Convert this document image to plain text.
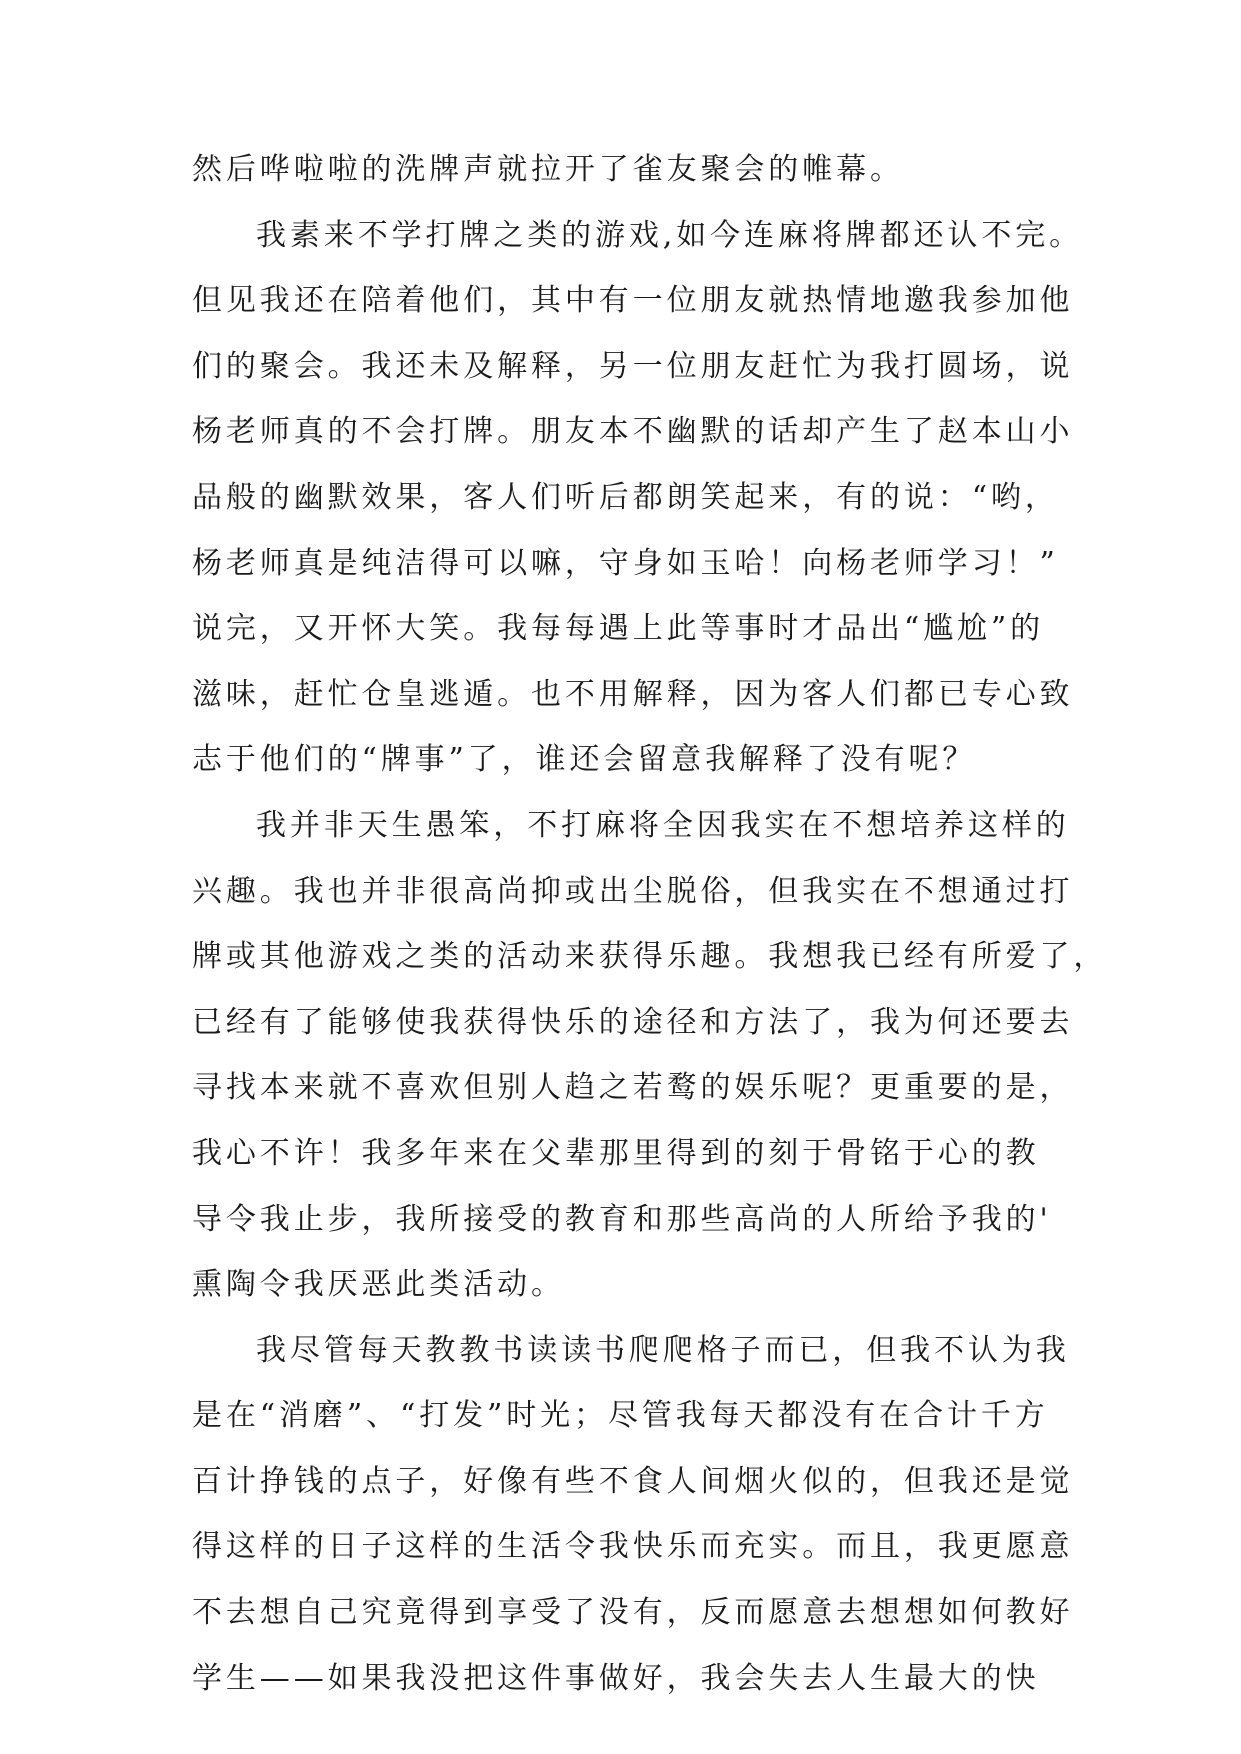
然后哗啦啦的洗牌声就拉开了雀友聚会的帷幕。
我素来不学打牌之类的游戏,如今连麻将牌都还认不完。
但见我还在陪着他们，其中有一位朋友就热情地邀我参加他
们的聚会。我还未及解释，另一位朋友赶忙为我打圆场，说
杨老师真的不会打牌。朋友本不幽默的话却产生了赵本山小
品般的幽默效果，客人们听后都朗笑起来，有的说：“哟，
杨老师真是纯洁得可以嘛，守身如玉哈！向杨老师学习！”
说完，又开怀大笑。我每每遇上此等事时才品出“尴尬”的
滋味，赶忙仓皇逃遁。也不用解释，因为客人们都已专心致
志于他们的“牌事”了，谁还会留意我解释了没有呢？
我并非天生愚笨，不打麻将全因我实在不想培养这样的
兴趣。我也并非很高尚抑或出尘脱俗，但我实在不想通过打
牌或其他游戏之类的活动来获得乐趣。我想我已经有所爱了，
已经有了能够使我获得快乐的途径和方法了，我为何还要去
寻找本来就不喜欢但别人趋之若鹜的娱乐呢？更重要的是，
我心不许！我多年来在父辈那里得到的刻于骨铭于心的教
导令我止步，我所接受的教育和那些高尚的人所给予我的'
熏陶令我厌恶此类活动。
我尽管每天教教书读读书爬爬格子而已，但我不认为我
是在“消磨”、“打发”时光；尽管我每天都没有在合计千方
百计挣钱的点子，好像有些不食人间烟火似的，但我还是觉
得这样的日子这样的生活令我快乐而充实。而且，我更愿意
不去想自己究竟得到享受了没有，反而愿意去想想如何教好
学生——如果我没把这件事做好，我会失去人生最大的快
